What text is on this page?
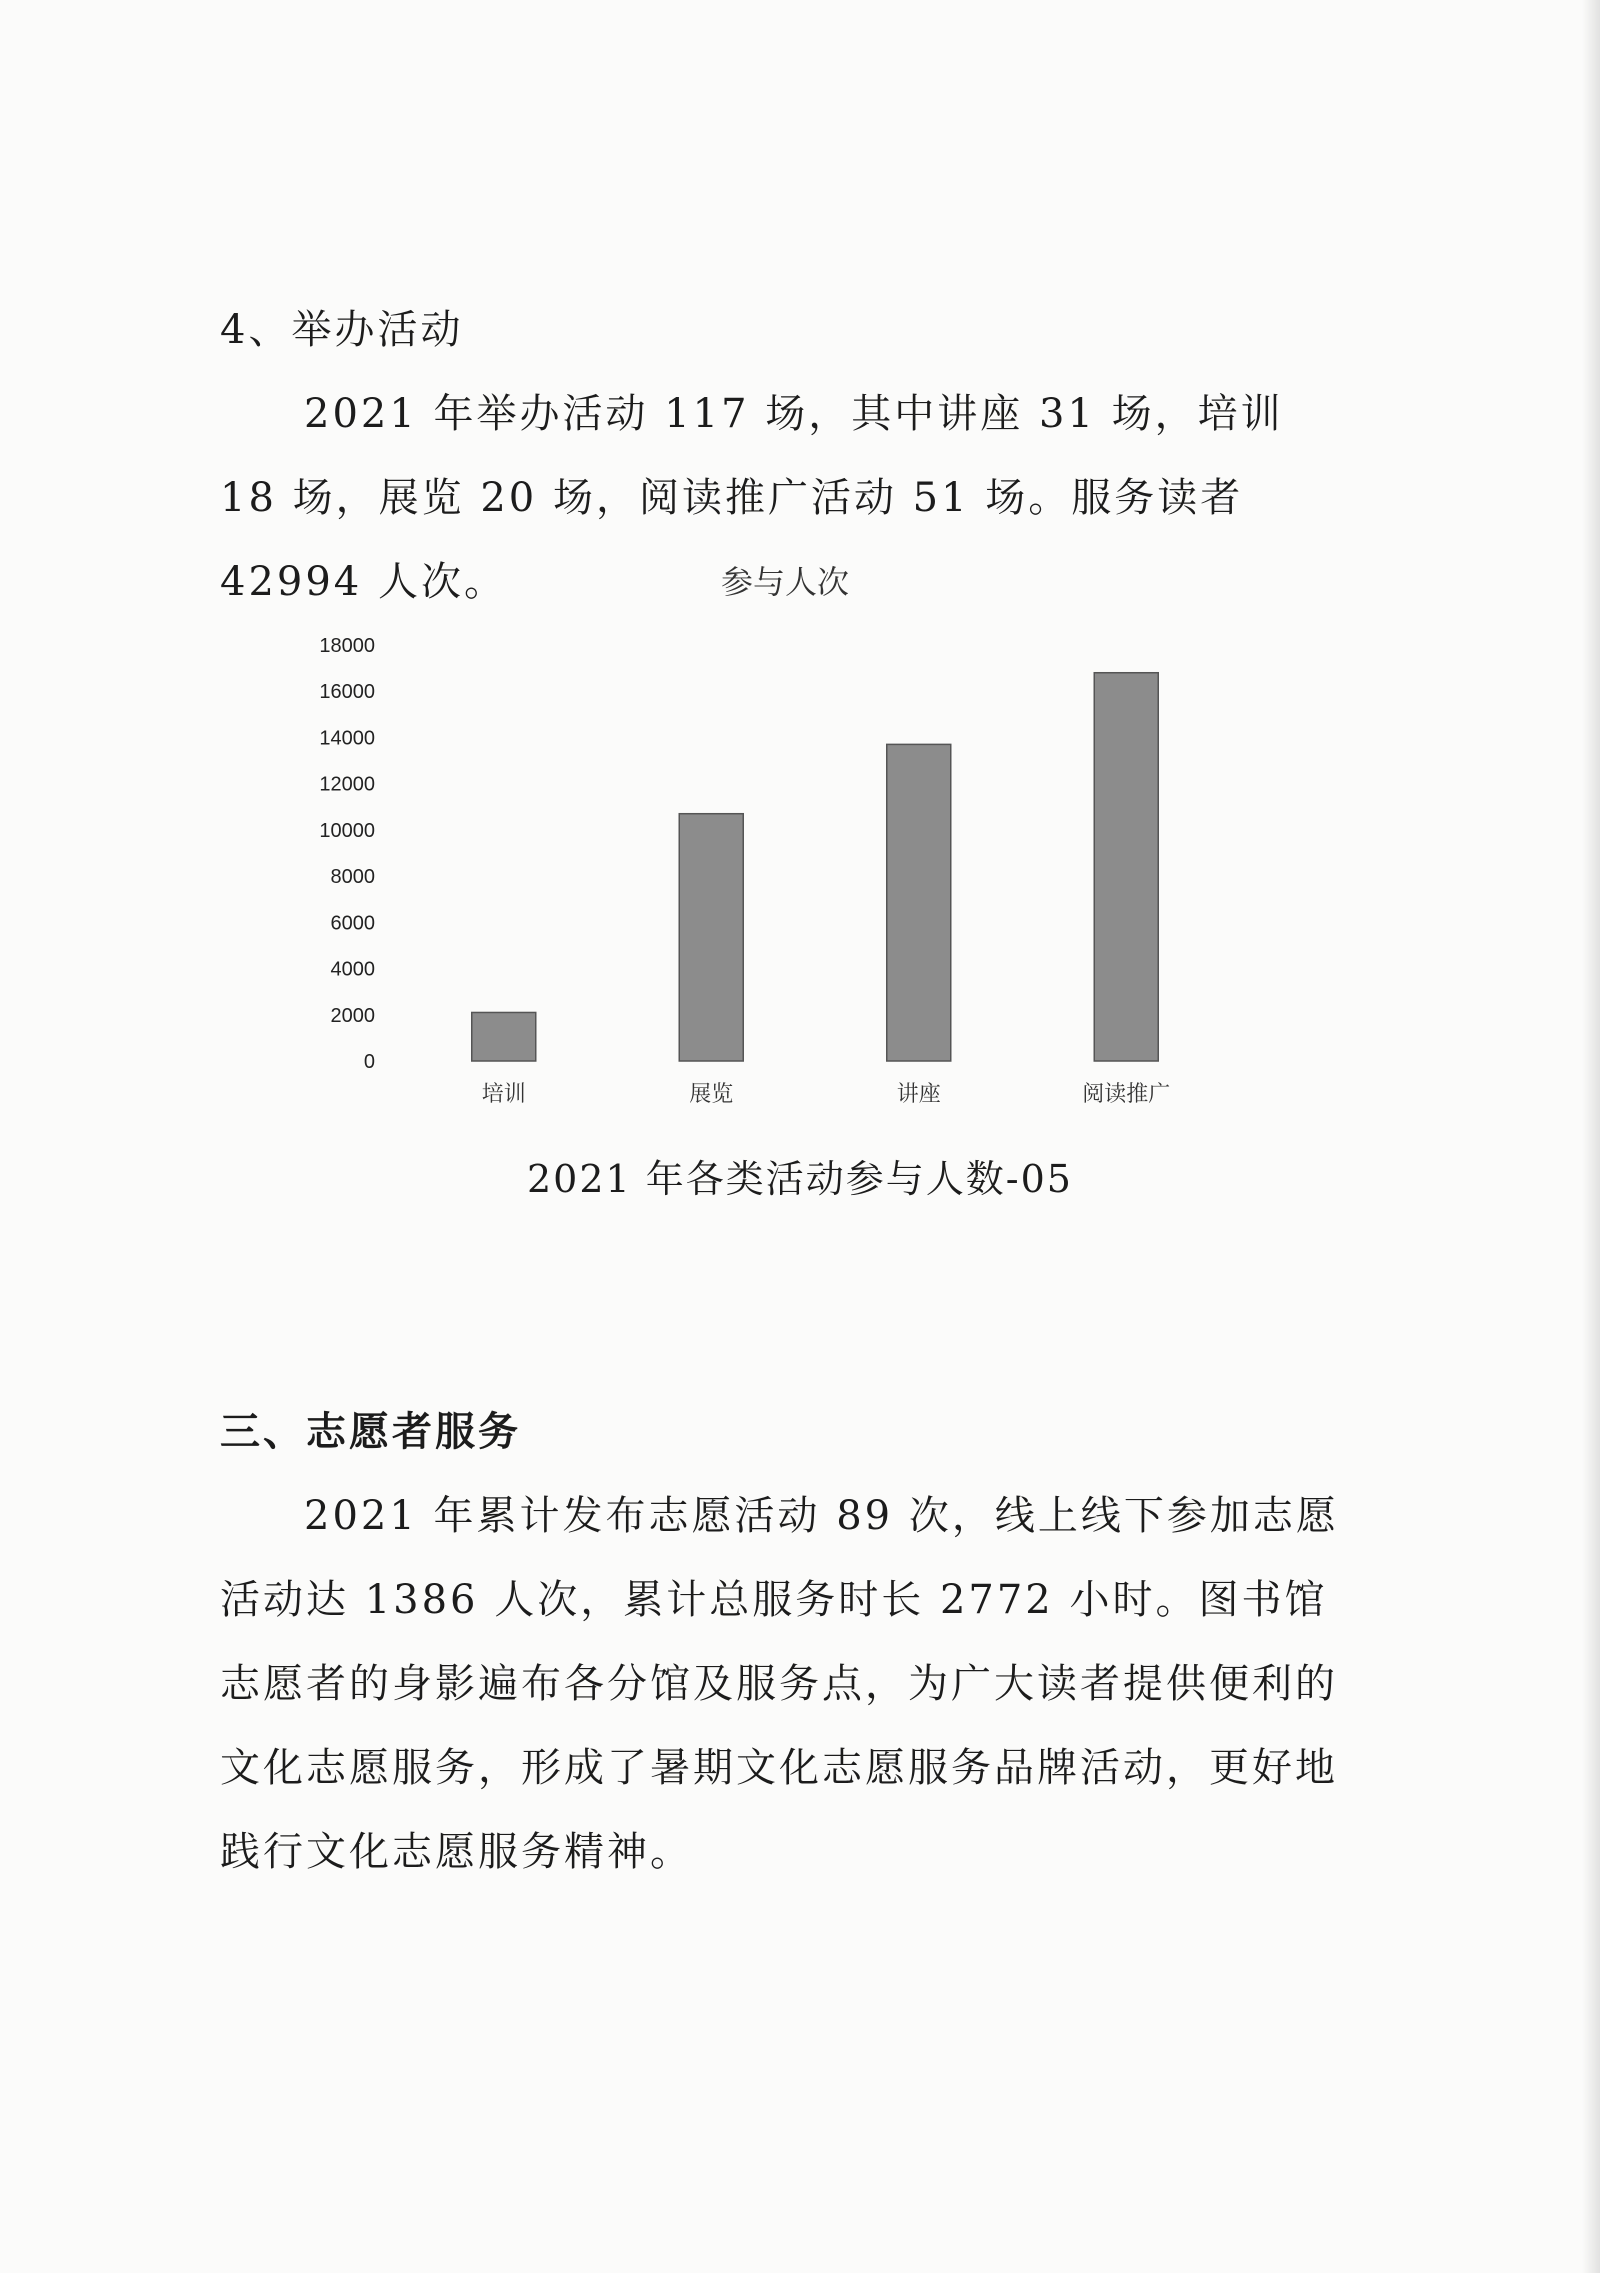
4、举办活动

2021 年举办活动 117 场，其中讲座 31 场，培训 18 场，展览 20 场，阅读推广活动 51 场。服务读者 42994 人次。	参与人次
0
2000
4000
6000
8000
10000
12000
14000
16000
18000
培训	展览	讲座	阅读推广
2021 年各类活动参与人数-05
三、志愿者服务

2021 年累计发布志愿活动 89 次，线上线下参加志愿活动达 1386 人次，累计总服务时长 2772 小时。图书馆志愿者的身影遍布各分馆及服务点，为广大读者提供便利的文化志愿服务，形成了暑期文化志愿服务品牌活动，更好地践行文化志愿服务精神。
